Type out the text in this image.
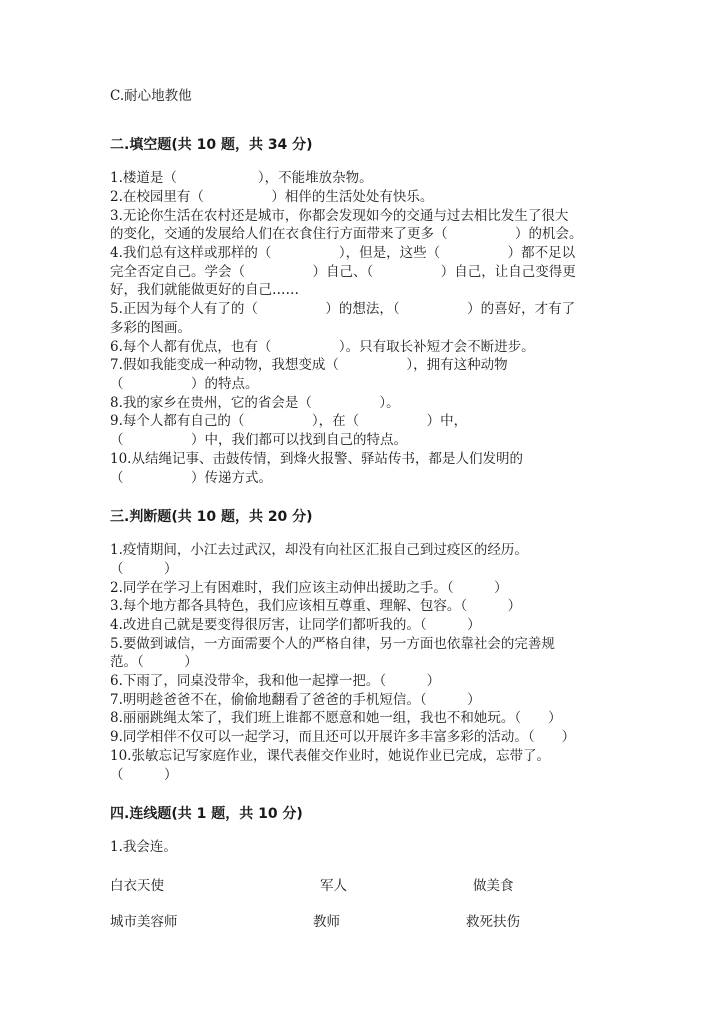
C.耐心地教他
二.填空题(共 10 题，共 34 分)
1.楼道是（　　　　　　），不能堆放杂物。
2.在校园里有（　　　　　）相伴的生活处处有快乐。
3.无论你生活在农村还是城市，你都会发现如今的交通与过去相比发生了很大
的变化，交通的发展给人们在衣食住行方面带来了更多（　　　　　）的机会。
4.我们总有这样或那样的（　　　　　），但是，这些（　　　　　）都不足以
完全否定自己。学会（　　　　　）自己、（　　　　　）自己，让自己变得更
好，我们就能做更好的自己……
5.正因为每个人有了的（　　　　　）的想法，（　　　　　）的喜好，才有了
多彩的图画。
6.每个人都有优点，也有（　　　　　）。只有取长补短才会不断进步。
7.假如我能变成一种动物，我想变成（　　　　　），拥有这种动物
（　　　　　）的特点。
8.我的家乡在贵州，它的省会是（　　　　　）。
9.每个人都有自己的（　　　　　），在（　　　　　）中，
（　　　　　）中，我们都可以找到自己的特点。
10.从结绳记事、击鼓传情，到烽火报警、驿站传书，都是人们发明的
（　　　　　）传递方式。
三.判断题(共 10 题，共 20 分)
1.疫情期间，小江去过武汉，却没有向社区汇报自己到过疫区的经历。
（　　　）
2.同学在学习上有困难时，我们应该主动伸出援助之手。（　　　）
3.每个地方都各具特色，我们应该相互尊重、理解、包容。（　　　）
4.改进自己就是要变得很厉害，让同学们都听我的。（　　　）
5.要做到诚信，一方面需要个人的严格自律，另一方面也依靠社会的完善规
范。（　　　）
6.下雨了，同桌没带伞，我和他一起撑一把。（　　　）
7.明明趁爸爸不在，偷偷地翻看了爸爸的手机短信。（　　　）
8.丽丽跳绳太笨了，我们班上谁都不愿意和她一组，我也不和她玩。（　　）
9.同学相伴不仅可以一起学习，而且还可以开展许多丰富多彩的活动。（　　）
10.张敏忘记写家庭作业，课代表催交作业时，她说作业已完成，忘带了。
（　　　）
四.连线题(共 1 题，共 10 分)
1.我会连。
白衣天使	军人	做美食
城市美容师	教师	救死扶伤
